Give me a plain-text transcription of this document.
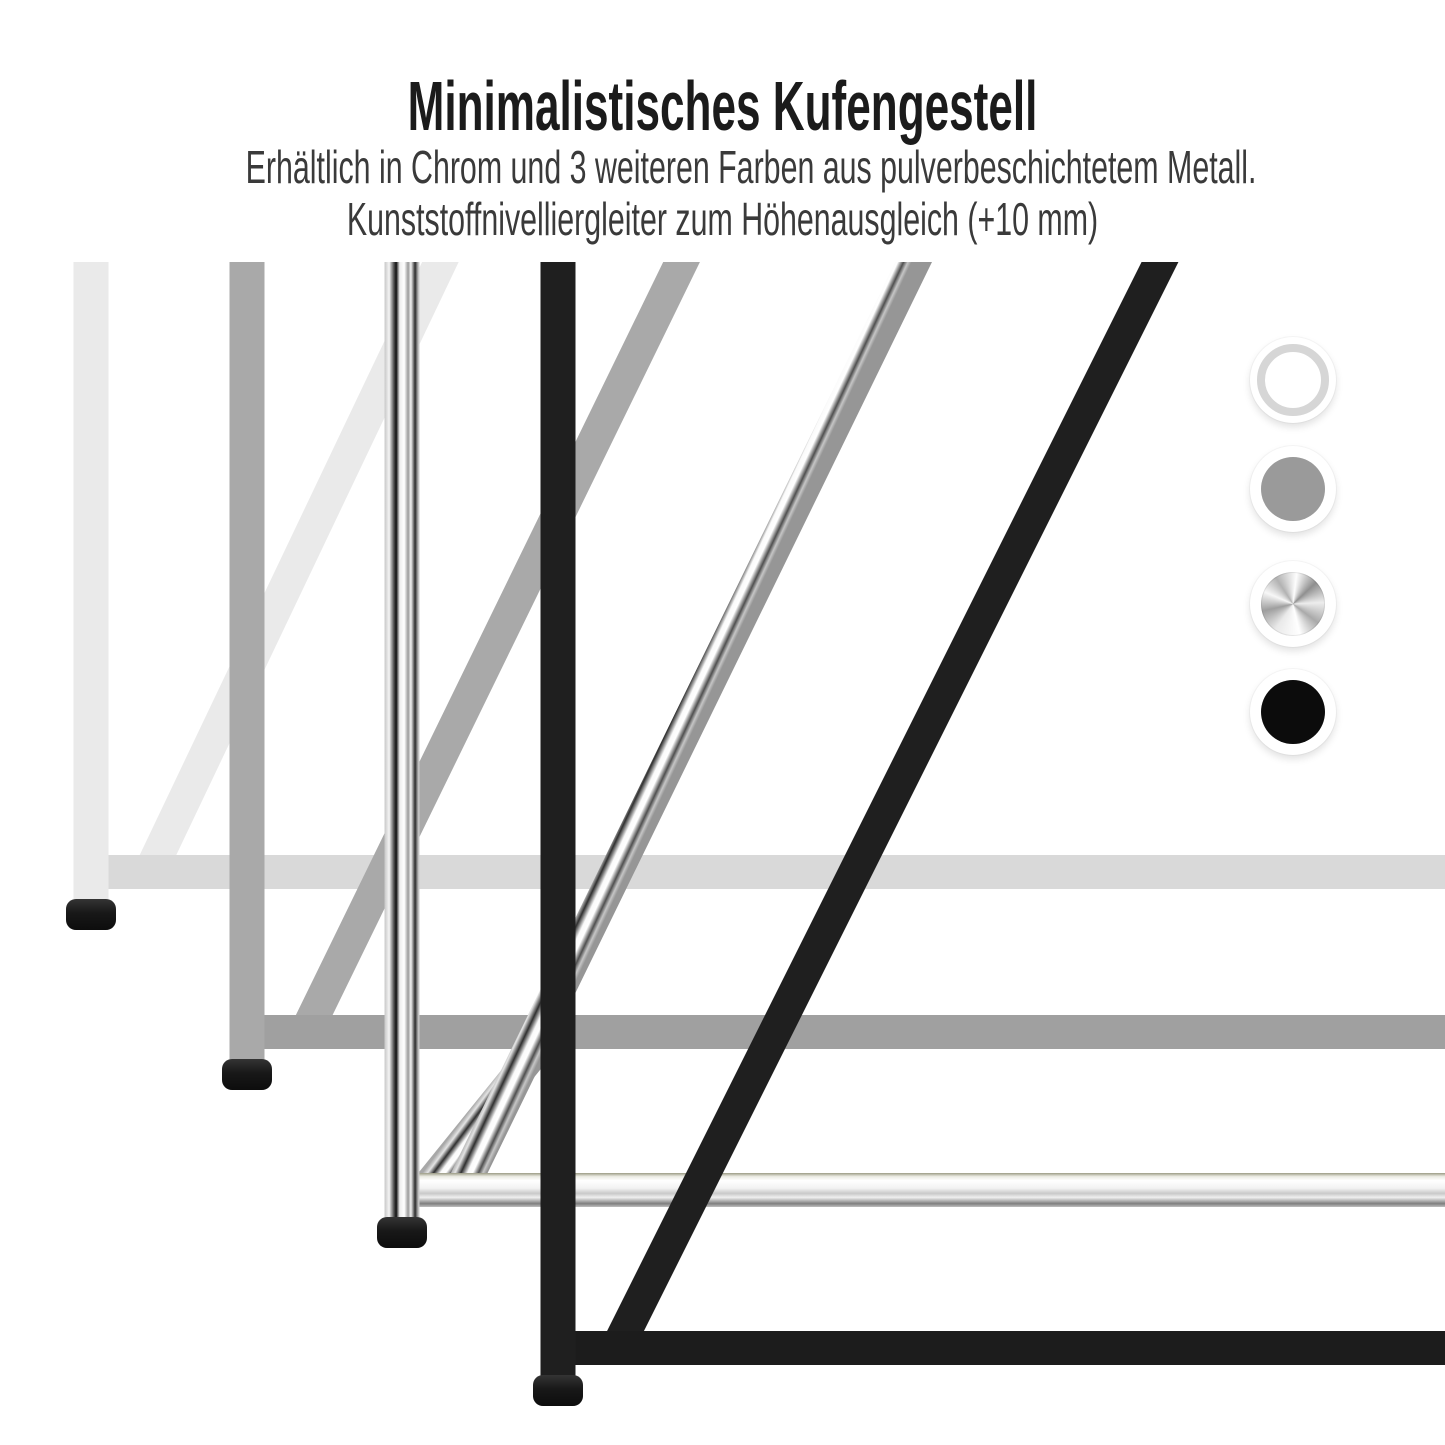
Minimalistisches Kufengestell
Erhältlich in Chrom und 3 weiteren Farben aus pulverbeschichtetem Metall.
Kunststoffnivelliergleiter zum Höhenausgleich (+10 mm)
